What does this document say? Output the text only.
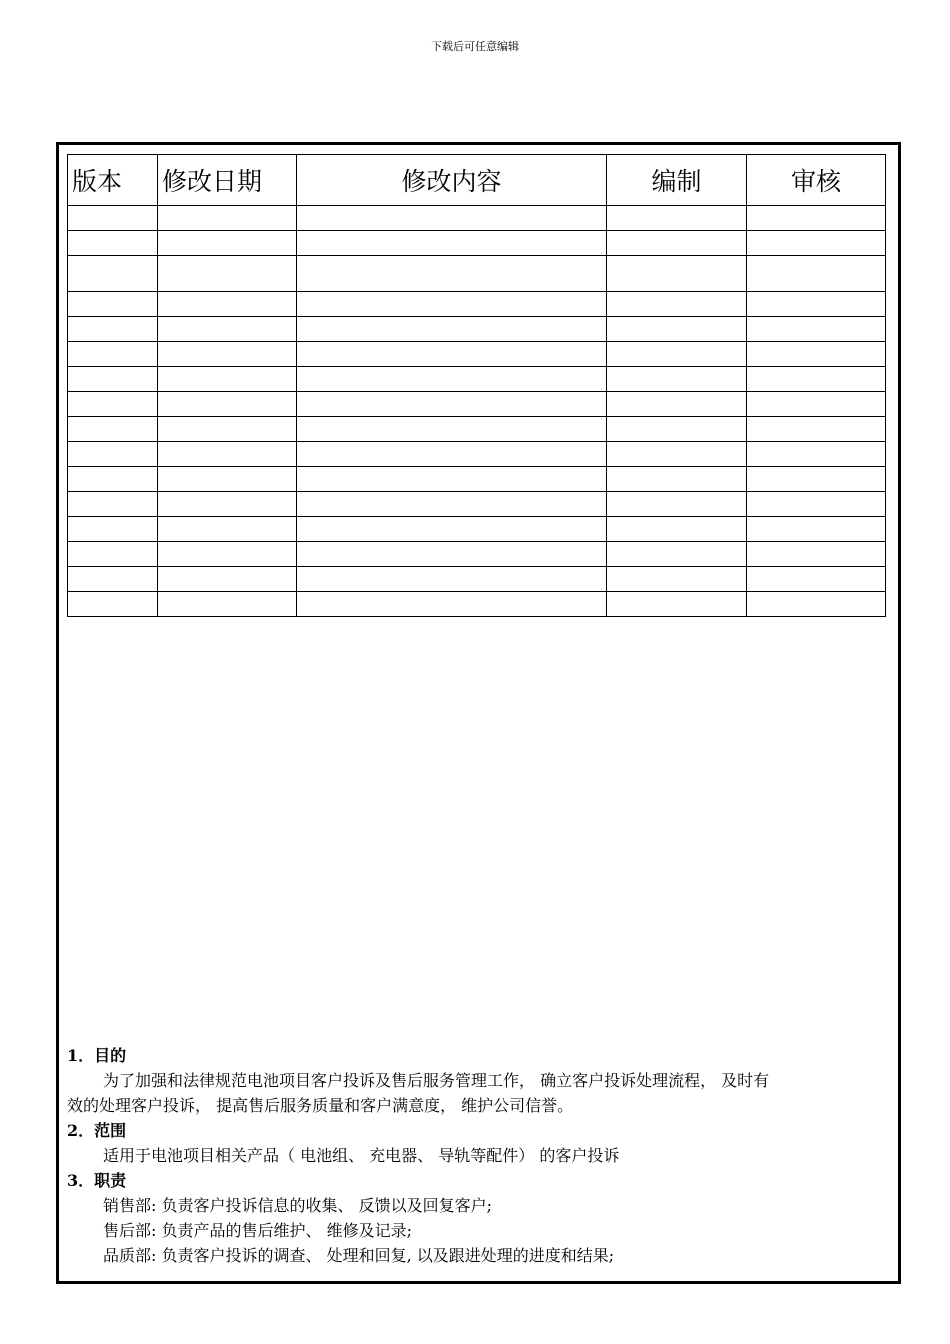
下载后可任意编辑
版本	修改日期	修改内容	编制	审核

1．目的
为了加强和法律规范电池项目客户投诉及售后服务管理工作， 确立客户投诉处理流程， 及时有
效的处理客户投诉， 提高售后服务质量和客户满意度， 维护公司信誉。
2．范围
适用于电池项目相关产品（ 电池组、 充电器、 导轨等配件） 的客户投诉
3．职责
销售部: 负责客户投诉信息的收集、 反馈以及回复客户;
售后部: 负责产品的售后维护、 维修及记录;
品质部: 负责客户投诉的调查、 处理和回复, 以及跟进处理的进度和结果;
